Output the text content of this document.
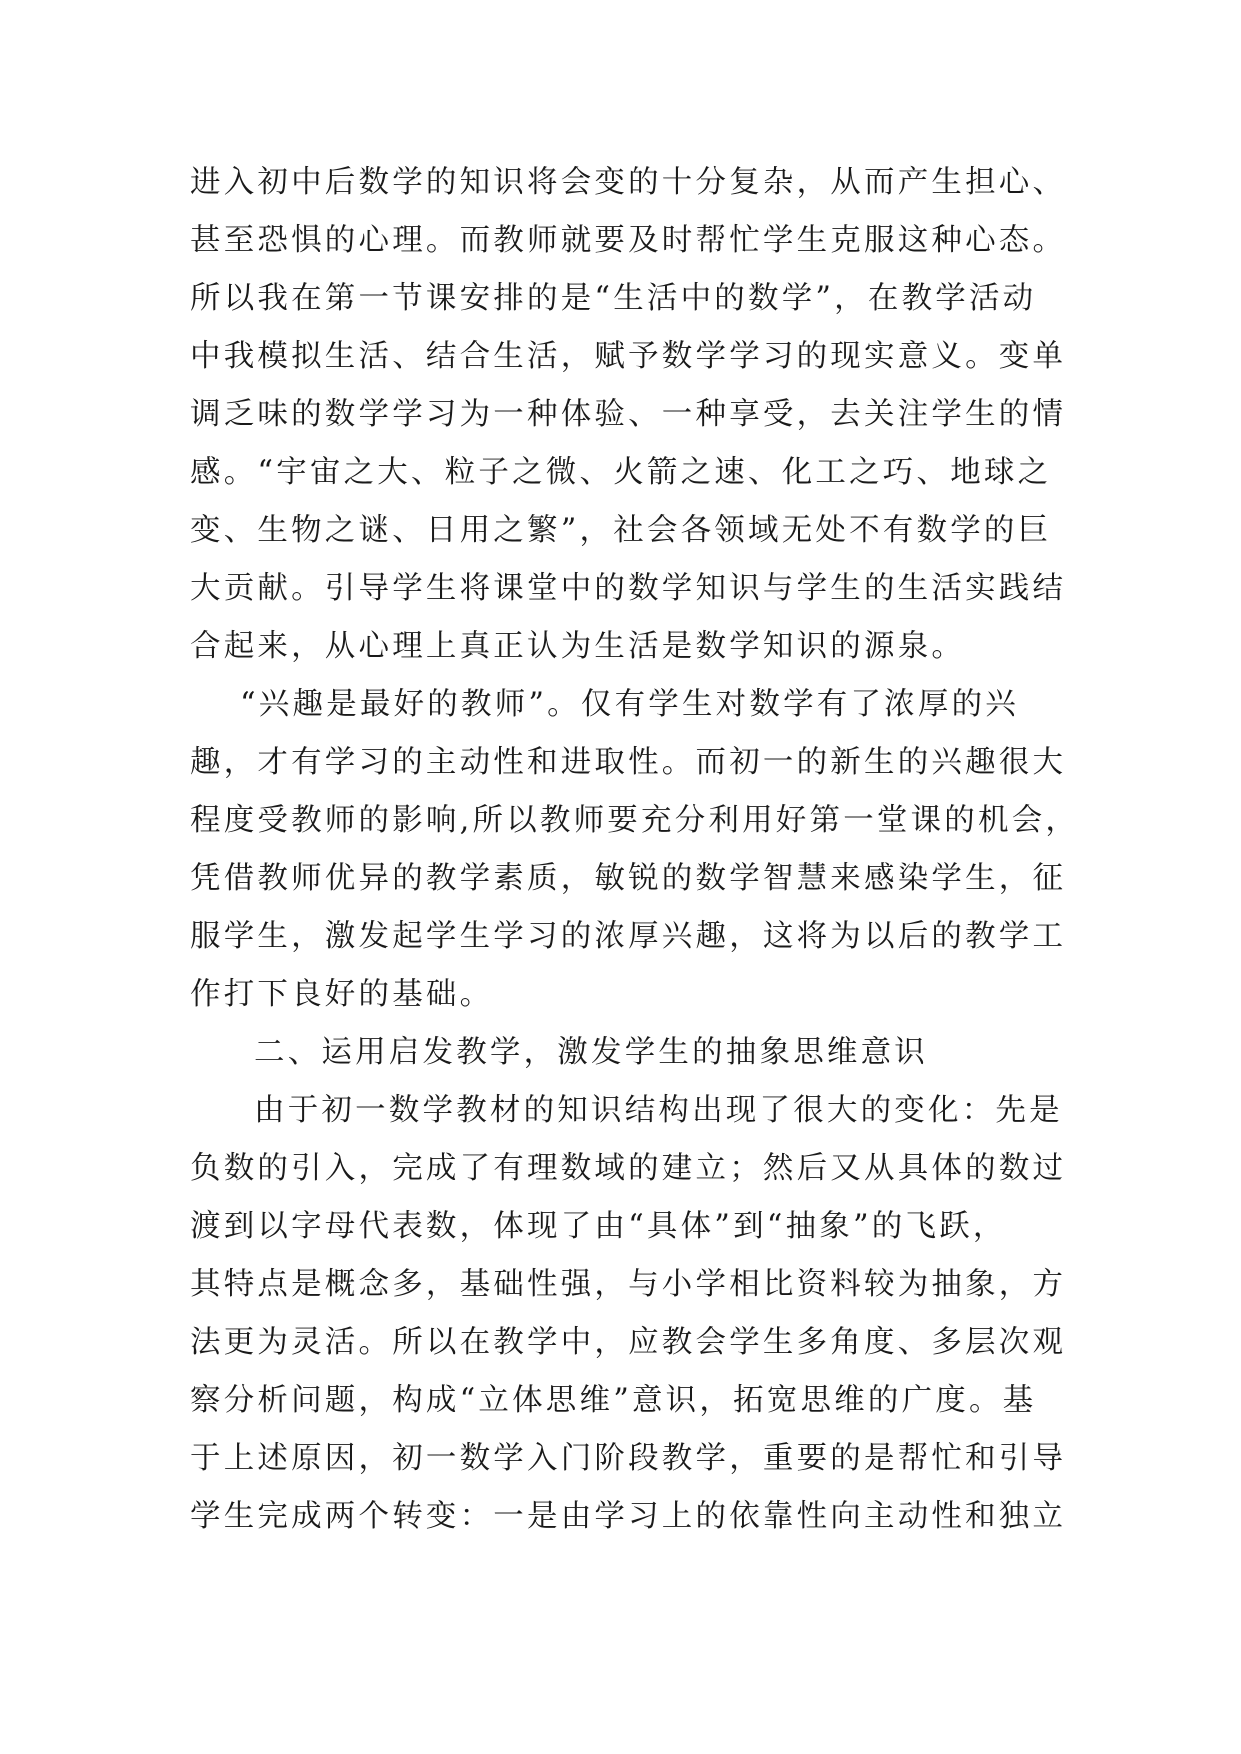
进入初中后数学的知识将会变的十分复杂，从而产生担心、
甚至恐惧的心理。而教师就要及时帮忙学生克服这种心态。
所以我在第一节课安排的是“生活中的数学”，在教学活动
中我模拟生活、结合生活，赋予数学学习的现实意义。变单
调乏味的数学学习为一种体验、一种享受，去关注学生的情
感。“宇宙之大、粒子之微、火箭之速、化工之巧、地球之
变、生物之谜、日用之繁”，社会各领域无处不有数学的巨
大贡献。引导学生将课堂中的数学知识与学生的生活实践结
合起来，从心理上真正认为生活是数学知识的源泉。
“兴趣是最好的教师”。仅有学生对数学有了浓厚的兴
趣，才有学习的主动性和进取性。而初一的新生的兴趣很大
程度受教师的影响,所以教师要充分利用好第一堂课的机会，
凭借教师优异的教学素质，敏锐的数学智慧来感染学生，征
服学生，激发起学生学习的浓厚兴趣，这将为以后的教学工
作打下良好的基础。
二、运用启发教学，激发学生的抽象思维意识
由于初一数学教材的知识结构出现了很大的变化：先是
负数的引入，完成了有理数域的建立；然后又从具体的数过
渡到以字母代表数，体现了由“具体”到“抽象”的飞跃，
其特点是概念多，基础性强，与小学相比资料较为抽象，方
法更为灵活。所以在教学中，应教会学生多角度、多层次观
察分析问题，构成“立体思维”意识，拓宽思维的广度。基
于上述原因，初一数学入门阶段教学，重要的是帮忙和引导
学生完成两个转变：一是由学习上的依靠性向主动性和独立
